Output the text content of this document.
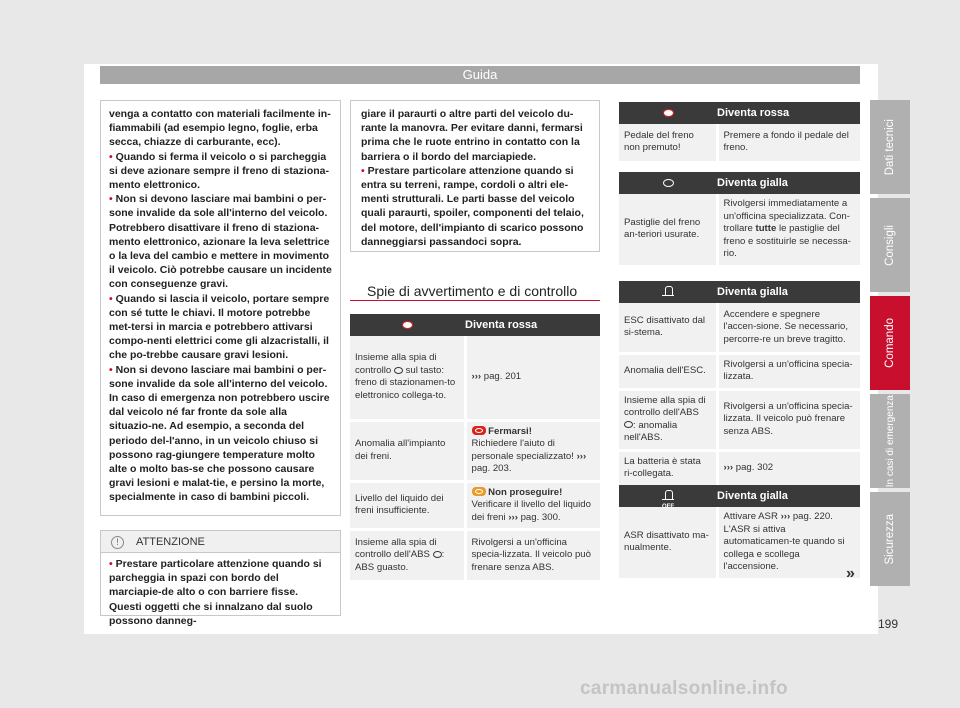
Guida

venga a contatto con materiali facilmente in-fiammabili (ad esempio legno, foglie, erba secca, chiazze di carburante, ecc).

• Quando si ferma il veicolo o si parcheggia si deve azionare sempre il freno di staziona-mento elettronico.

• Non si devono lasciare mai bambini o per-sone invalide da sole all'interno del veicolo. Potrebbero disattivare il freno di staziona-mento elettronico, azionare la leva selettrice o la leva del cambio e mettere in movimento il veicolo. Ciò potrebbe causare un incidente con conseguenze gravi.

• Quando si lascia il veicolo, portare sempre con sé tutte le chiavi. Il motore potrebbe met-tersi in marcia e potrebbero attivarsi compo-nenti elettrici come gli alzacristalli, il che po-trebbe causare gravi lesioni.

• Non si devono lasciare mai bambini o per-sone invalide da sole all'interno del veicolo. In caso di emergenza non potrebbero uscire dal veicolo né far fronte da sole alla situazio-ne. Ad esempio, a seconda del periodo del-l'anno, in un veicolo chiuso si possono rag-giungere temperature molto alte o molto bas-se che possono causare gravi lesioni e malat-tie, e persino la morte, specialmente in caso di bambini piccoli.

! ATTENZIONE
• Prestare particolare attenzione quando si parcheggia in spazi con bordo del marciapie-de alto o con barriere fisse. Questi oggetti che si innalzano dal suolo possono danneg-

giare il paraurti o altre parti del veicolo du-rante la manovra. Per evitare danni, fermarsi prima che le ruote entrino in contatto con la barriera o il bordo del marciapiede.

• Prestare particolare attenzione quando si entra su terreni, rampe, cordoli o altri ele-menti strutturali. Le parti basse del veicolo quali paraurti, spoiler, componenti del telaio, del motore, dell'impianto di scarico possono danneggiarsi passandoci sopra.

Spie di avvertimento e di controllo
Diventa rossa	

Insieme alla spia di controllo sul tasto: freno di stazionamen-to elettronico collega-to.	››› pag. 201
Anomalia all'impianto dei freni.	Fermarsi!
Richiedere l'aiuto di personale specializzato! ››› pag. 203.
Livello del liquido dei freni insufficiente.	Non proseguire!
Verificare il livello del liquido dei freni ››› pag. 300.
Insieme alla spia di controllo dell'ABS : ABS guasto.	Rivolgersi a un'officina specia-lizzata. Il veicolo può frenare senza ABS.
Diventa rossa

Pedale del freno non premuto!	Premere a fondo il pedale del freno.
Diventa gialla

Pastiglie del freno an-teriori usurate.	Rivolgersi immediatamente a un'officina specializzata. Con-trollare tutte le pastiglie del freno e sostituirle se necessa-rio.
Diventa gialla	

ESC disattivato dal si-stema.	Accendere e spegnere l'accen-sione. Se necessario, percorre-re un breve tragitto.
Anomalia dell'ESC.	Rivolgersi a un'officina specia-lizzata.
Insieme alla spia di controllo dell'ABS : anomalia nell'ABS.	Rivolgersi a un'officina specia-lizzata. Il veicolo può frenare senza ABS.
La batteria è stata ri-collegata.	››› pag. 302
OFF
Diventa gialla

ASR disattivato ma-nualmente.	Attivare ASR ››› pag. 220.
L'ASR si attiva automaticamen-te quando si collega e scollega l'accensione.	»
Dati tecnici
Consigli
Comando
In casi di emergenza
Sicurezza
199
carmanualsonline.info
